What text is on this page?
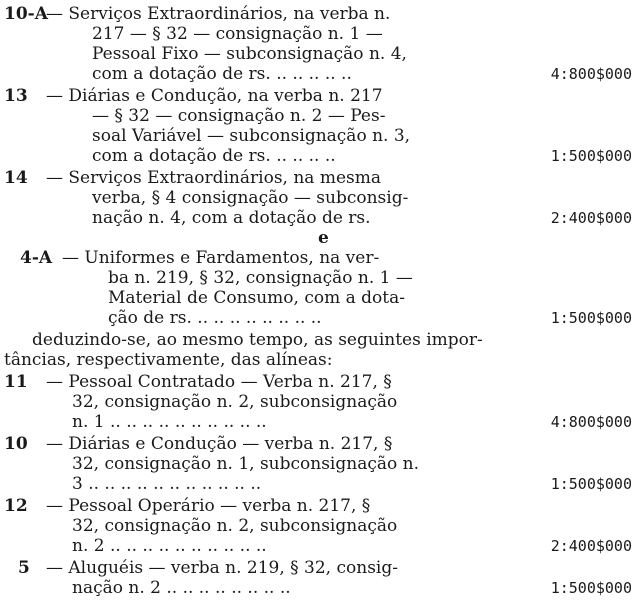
10-A
— Serviços Extraordinários, na verba n.
217 — § 32 — consignação n. 1 —
Pessoal Fixo — subconsignação n. 4,
com a dotação de rs. .. .. .. .. ..	4:800$000
13 — Diárias e Condução, na verba n. 217
— § 32 — consignação n. 2 — Pes-
soal Variável — subconsignação n. 3,
com a dotação de rs. .. .. .. ..	1:500$000
14 — Serviços Extraordinários, na mesma
verba, § 4 consignação — subconsig-
nação n. 4, com a dotação de rs.	2:400$000
e
4-A — Uniformes e Fardamentos, na ver-
ba n. 219, § 32, consignação n. 1 —
Material de Consumo, com a dota-
ção de rs. .. .. .. .. .. .. .. ..	1:500$000
deduzindo-se, ao mesmo tempo, as seguintes impor-
tâncias, respectivamente, das alíneas:
11 — Pessoal Contratado — Verba n. 217, §
32, consignação n. 2, subconsignação
n. 1 .. .. .. .. .. .. .. .. .. ..	4:800$000
10 — Diárias e Condução — verba n. 217, §
32, consignação n. 1, subconsignação n.
3 .. .. .. .. .. .. .. .. .. .. ..	1:500$000
12 — Pessoal Operário — verba n. 217, §
32, consignação n. 2, subconsignação
n. 2 .. .. .. .. .. .. .. .. .. ..	2:400$000
5 — Aluguéis — verba n. 219, § 32, consig-
nação n. 2 .. .. .. .. .. .. .. ..	1:500$000
